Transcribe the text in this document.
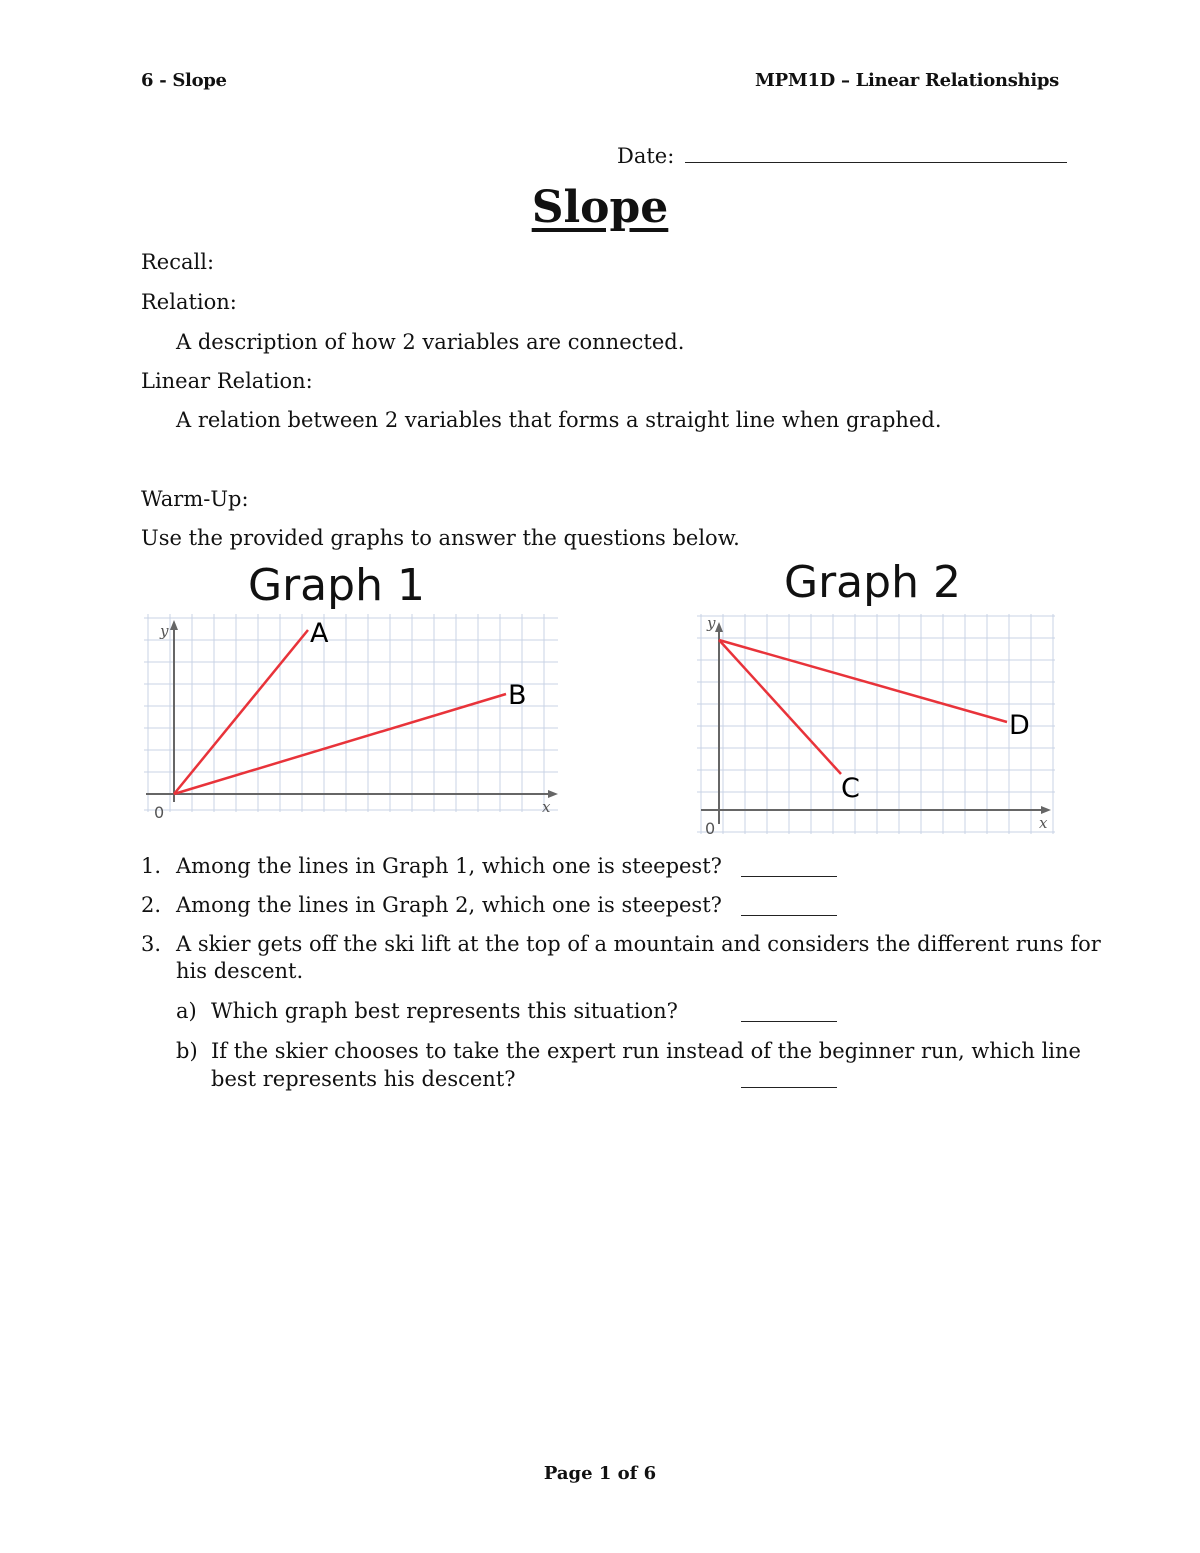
6 - Slope	MPM1D – Linear Relationships
Date:
Slope
Recall:
Relation:
A description of how 2 variables are connected.
Linear Relation:
A relation between 2 variables that forms a straight line when graphed.
Warm-Up:
Use the provided graphs to answer the questions below.
Graph 1
y
x
0
A
B
Graph 2
y
x
0
C
D
1. Among the lines in Graph 1, which one is steepest?
2. Among the lines in Graph 2, which one is steepest?
3. A skier gets off the ski lift at the top of a mountain and considers the different runs for
his descent.
a) Which graph best represents this situation?
b) If the skier chooses to take the expert run instead of the beginner run, which line
best represents his descent?
Page 1 of 6
